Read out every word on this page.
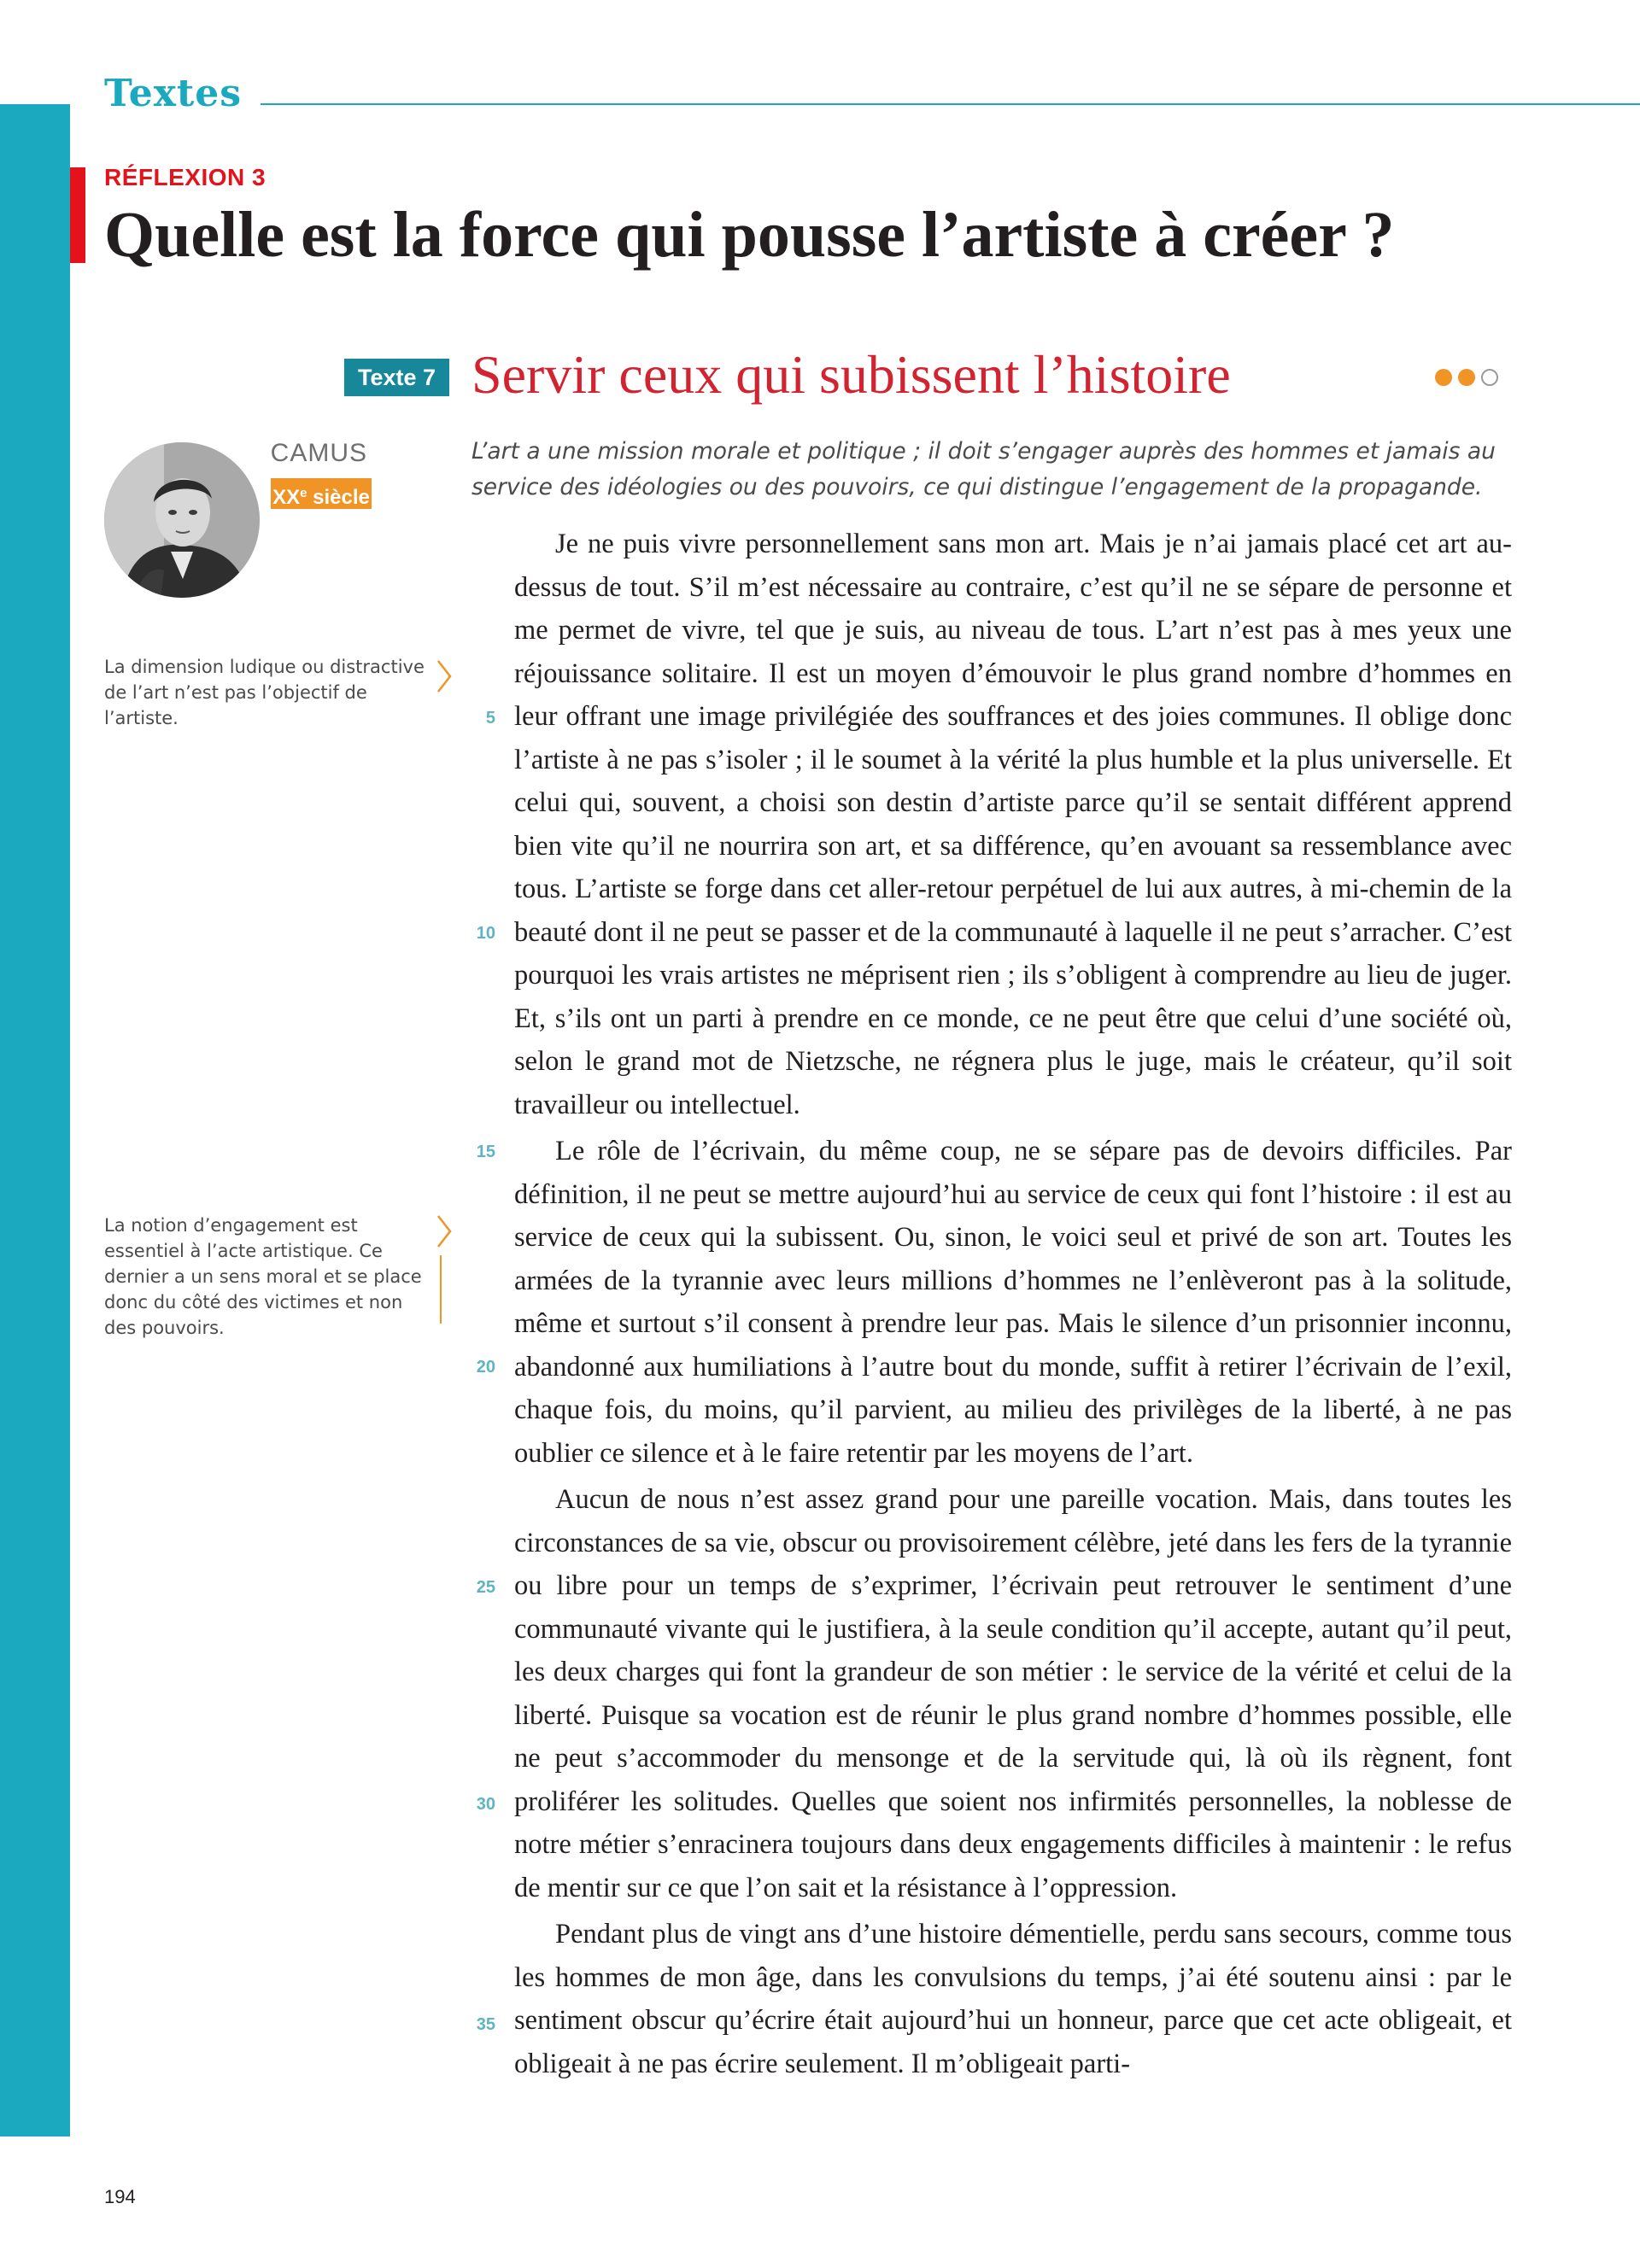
Textes
RÉFLEXION 3
Quelle est la force qui pousse l’artiste à créer ?
Texte 7 Servir ceux qui subissent l’histoire
CAMUS
XXe siècle
L’art a une mission morale et politique ; il doit s’engager auprès des hommes et jamais au service des idéologies ou des pouvoirs, ce qui distingue l’engagement de la propagande.
La dimension ludique ou distractive de l’art n’est pas l’objectif de l’artiste.
La notion d’engagement est essentiel à l’acte artistique. Ce dernier a un sens moral et se place donc du côté des victimes et non des pouvoirs.

Je ne puis vivre personnellement sans mon art. Mais je n’ai jamais placé cet art au-dessus de tout. S’il m’est nécessaire au contraire, c’est qu’il ne se sépare de personne et me permet de vivre, tel que je suis, au niveau de tous. L’art n’est pas à mes yeux une réjouissance solitaire. Il est un moyen d’émouvoir le plus grand nombre d’hommes en leur offrant une image privilégiée des souffrances et des joies communes. Il oblige donc l’artiste à ne pas s’isoler ; il le soumet à la vérité la plus humble et la plus universelle. Et celui qui, souvent, a choisi son destin d’artiste parce qu’il se sentait différent apprend bien vite qu’il ne nourrira son art, et sa différence, qu’en avouant sa ressemblance avec tous. L’artiste se forge dans cet aller-retour perpétuel de lui aux autres, à mi-chemin de la beauté dont il ne peut se passer et de la communauté à laquelle il ne peut s’arracher. C’est pourquoi les vrais artistes ne méprisent rien ; ils s’obligent à comprendre au lieu de juger. Et, s’ils ont un parti à prendre en ce monde, ce ne peut être que celui d’une société où, selon le grand mot de Nietzsche, ne régnera plus le juge, mais le créateur, qu’il soit travailleur ou intellectuel.

Le rôle de l’écrivain, du même coup, ne se sépare pas de devoirs difficiles. Par définition, il ne peut se mettre aujourd’hui au service de ceux qui font l’histoire : il est au service de ceux qui la subissent. Ou, sinon, le voici seul et privé de son art. Toutes les armées de la tyrannie avec leurs millions d’hommes ne l’enlèveront pas à la solitude, même et surtout s’il consent à prendre leur pas. Mais le silence d’un prisonnier inconnu, abandonné aux humiliations à l’autre bout du monde, suffit à retirer l’écrivain de l’exil, chaque fois, du moins, qu’il parvient, au milieu des privilèges de la liberté, à ne pas oublier ce silence et à le faire retentir par les moyens de l’art.

Aucun de nous n’est assez grand pour une pareille vocation. Mais, dans toutes les circonstances de sa vie, obscur ou provisoirement célèbre, jeté dans les fers de la tyrannie ou libre pour un temps de s’exprimer, l’écrivain peut retrouver le sentiment d’une communauté vivante qui le justifiera, à la seule condition qu’il accepte, autant qu’il peut, les deux charges qui font la grandeur de son métier : le service de la vérité et celui de la liberté. Puisque sa vocation est de réunir le plus grand nombre d’hommes possible, elle ne peut s’accommoder du mensonge et de la servitude qui, là où ils règnent, font proliférer les solitudes. Quelles que soient nos infirmités personnelles, la noblesse de notre métier s’enracinera toujours dans deux engagements difficiles à maintenir : le refus de mentir sur ce que l’on sait et la résistance à l’oppression.

Pendant plus de vingt ans d’une histoire démentielle, perdu sans secours, comme tous les hommes de mon âge, dans les convulsions du temps, j’ai été soutenu ainsi : par le sentiment obscur qu’écrire était aujourd’hui un honneur, parce que cet acte obligeait, et obligeait à ne pas écrire seulement. Il m’obligeait parti-

5
10
15
20
25
30
35
194
